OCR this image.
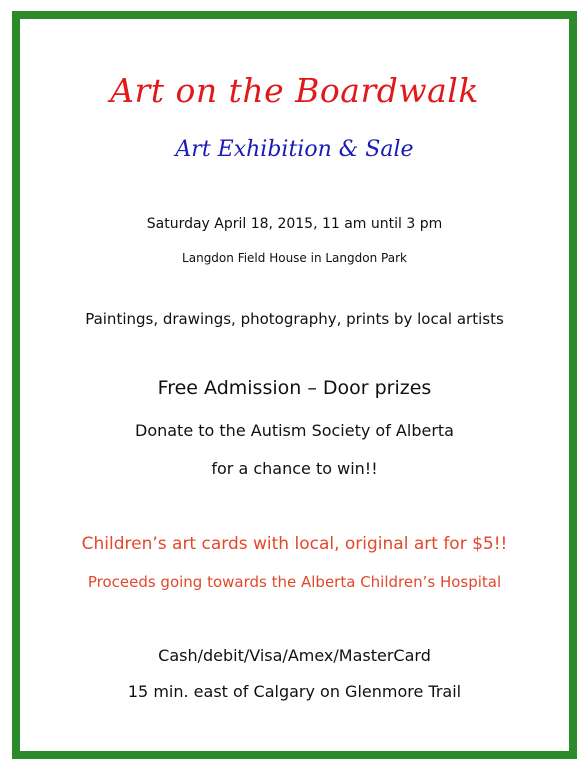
Art on the Boardwalk
Art Exhibition & Sale
Saturday April 18, 2015, 11 am until 3 pm
Langdon Field House in Langdon Park
Paintings, drawings, photography, prints by local artists
Free Admission – Door prizes
Donate to the Autism Society of Alberta
for a chance to win!!
Children’s art cards with local, original art for $5!!
Proceeds going towards the Alberta Children’s Hospital
Cash/debit/Visa/Amex/MasterCard
15 min. east of Calgary on Glenmore Trail
